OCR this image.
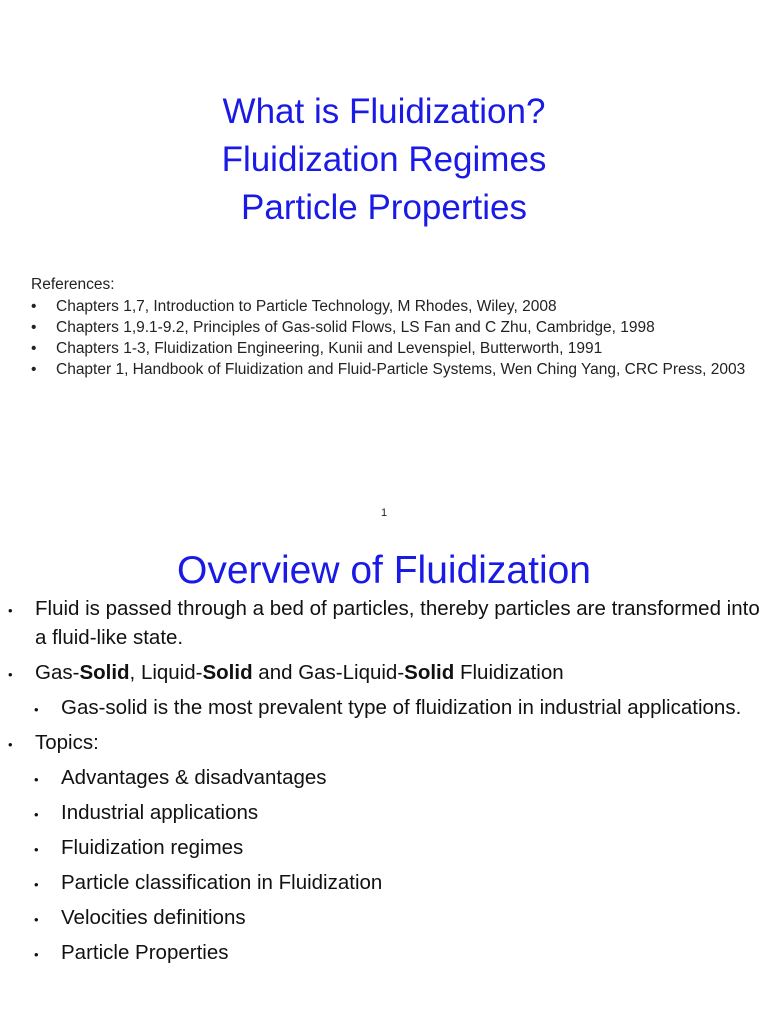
What is Fluidization?
Fluidization Regimes
Particle Properties
References:
• Chapters 1,7, Introduction to Particle Technology, M Rhodes, Wiley, 2008
• Chapters 1,9.1-9.2, Principles of Gas-solid Flows, LS Fan and C Zhu, Cambridge, 1998
• Chapters 1-3, Fluidization Engineering, Kunii and Levenspiel, Butterworth, 1991
• Chapter 1, Handbook of Fluidization and Fluid-Particle Systems, Wen Ching Yang, CRC Press, 2003
1
Overview of Fluidization
• Fluid is passed through a bed of particles, thereby particles are transformed into a fluid-like state.
• Gas-Solid, Liquid-Solid and Gas-Liquid-Solid Fluidization
• Gas-solid is the most prevalent type of fluidization in industrial applications.
• Topics:
• Advantages & disadvantages
• Industrial applications
• Fluidization regimes
• Particle classification in Fluidization
• Velocities definitions
• Particle Properties
